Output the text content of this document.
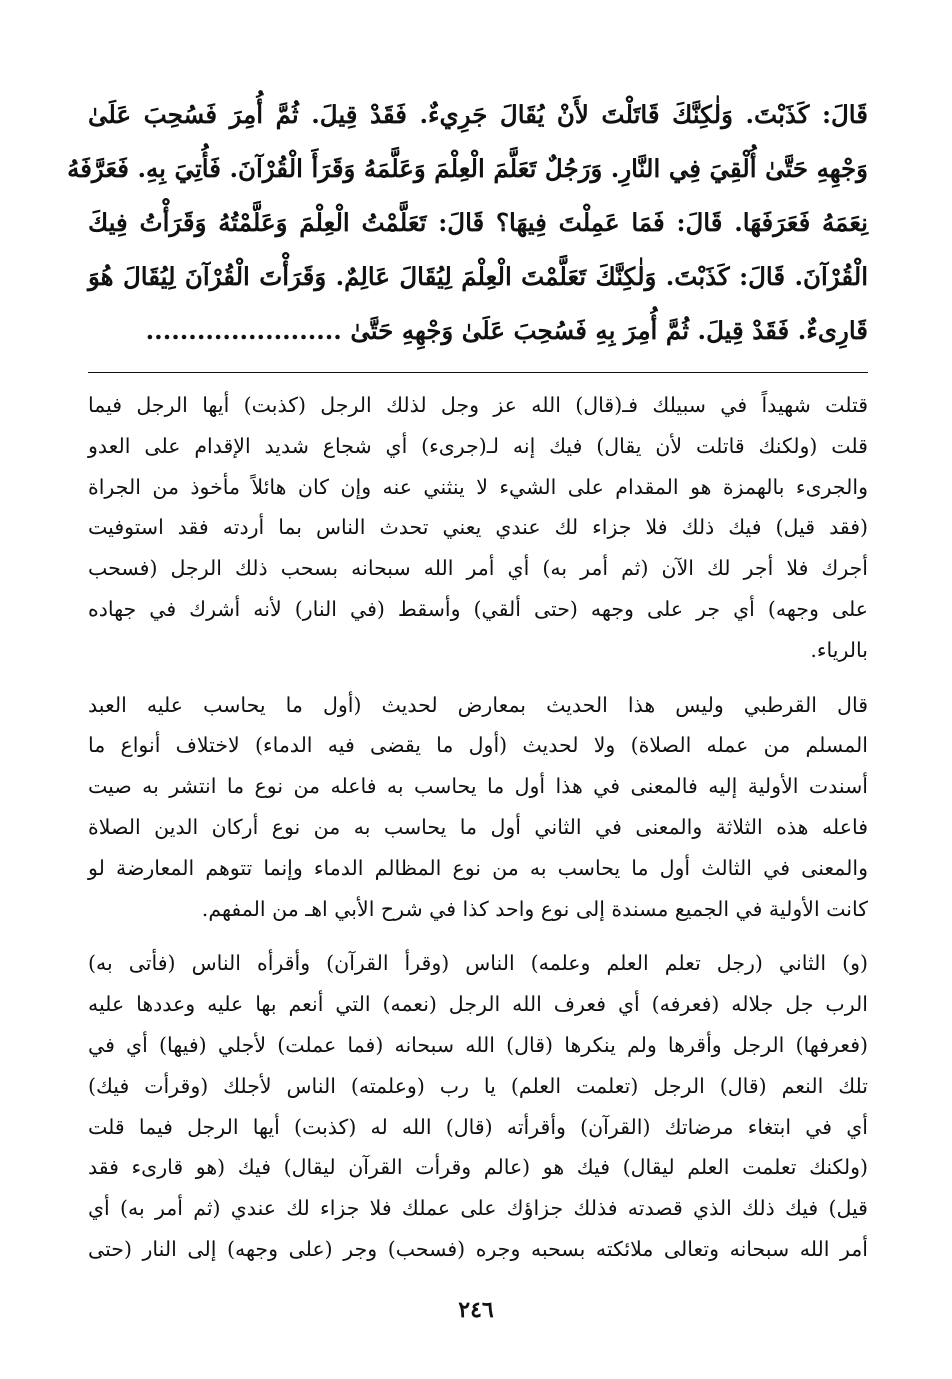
قَالَ: كَذَبْتَ. وَلٰكِنَّكَ قَاتَلْتَ لأَنْ يُقَالَ جَرِيءٌ. فَقَدْ قِيلَ. ثُمَّ أُمِرَ فَسُحِبَ عَلَىٰ
وَجْهِهِ حَتَّىٰ أُلْقِيَ فِي النَّارِ. وَرَجُلٌ تَعَلَّمَ الْعِلْمَ وَعَلَّمَهُ وَقَرَأَ الْقُرْآنَ. فَأُتِيَ بِهِ. فَعَرَّفَهُ
نِعَمَهُ فَعَرَفَهَا. قَالَ: فَمَا عَمِلْتَ فِيهَا؟ قَالَ: تَعَلَّمْتُ الْعِلْمَ وَعَلَّمْتُهُ وَقَرَأْتُ فِيكَ
الْقُرْآنَ. قَالَ: كَذَبْتَ. وَلٰكِنَّكَ تَعَلَّمْتَ الْعِلْمَ لِيُقَالَ عَالِمٌ. وَقَرَأْتَ الْقُرْآنَ لِيُقَالَ هُوَ
قَارِىءٌ. فَقَدْ قِيلَ. ثُمَّ أُمِرَ بِهِ فَسُحِبَ عَلَىٰ وَجْهِهِ حَتَّىٰ .......................

قتلت شهيداً في سبيلك فـ(قال) الله عز وجل لذلك الرجل (كذبت) أيها الرجل فيما
قلت (ولكنك قاتلت لأن يقال) فيك إنه لـ(جرىء) أي شجاع شديد الإقدام على العدو
والجرىء بالهمزة هو المقدام على الشيء لا ينثني عنه وإن كان هائلاً مأخوذ من الجراة
(فقد قيل) فيك ذلك فلا جزاء لك عندي يعني تحدث الناس بما أردته فقد استوفيت
أجرك فلا أجر لك الآن (ثم أمر به) أي أمر الله سبحانه بسحب ذلك الرجل (فسحب
على وجهه) أي جر على وجهه (حتى ألقي) وأسقط (في النار) لأنه أشرك في جهاده
بالرياء.

قال القرطبي وليس هذا الحديث بمعارض لحديث (أول ما يحاسب عليه العبد
المسلم من عمله الصلاة) ولا لحديث (أول ما يقضى فيه الدماء) لاختلاف أنواع ما
أسندت الأولية إليه فالمعنى في هذا أول ما يحاسب به فاعله من نوع ما انتشر به صيت
فاعله هذه الثلاثة والمعنى في الثاني أول ما يحاسب به من نوع أركان الدين الصلاة
والمعنى في الثالث أول ما يحاسب به من نوع المظالم الدماء وإنما تتوهم المعارضة لو
كانت الأولية في الجميع مسندة إلى نوع واحد كذا في شرح الأبي اهـ من المفهم.

(و) الثاني (رجل تعلم العلم وعلمه) الناس (وقرأ القرآن) وأقرأه الناس (فأتى به)
الرب جل جلاله (فعرفه) أي فعرف الله الرجل (نعمه) التي أنعم بها عليه وعددها عليه
(فعرفها) الرجل وأقرها ولم ينكرها (قال) الله سبحانه (فما عملت) لأجلي (فيها) أي في
تلك النعم (قال) الرجل (تعلمت العلم) يا رب (وعلمته) الناس لأجلك (وقرأت فيك)
أي في ابتغاء مرضاتك (القرآن) وأقرأته (قال) الله له (كذبت) أيها الرجل فيما قلت
(ولكنك تعلمت العلم ليقال) فيك هو (عالم وقرأت القرآن ليقال) فيك (هو قارىء فقد
قيل) فيك ذلك الذي قصدته فذلك جزاؤك على عملك فلا جزاء لك عندي (ثم أمر به) أي
أمر الله سبحانه وتعالى ملائكته بسحبه وجره (فسحب) وجر (على وجهه) إلى النار (حتى

٢٤٦
